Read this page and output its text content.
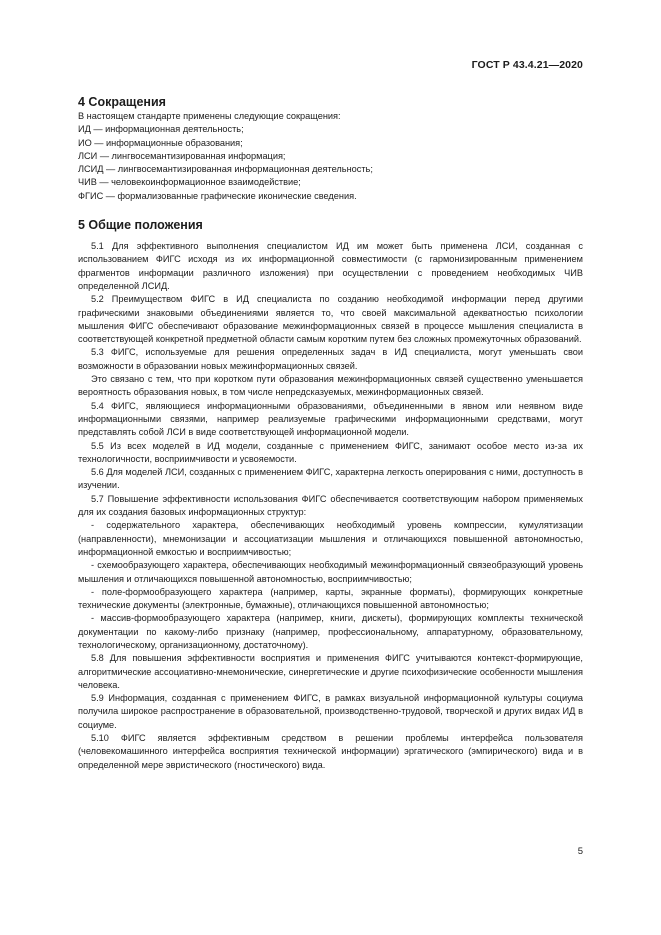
ГОСТ Р 43.4.21—2020
4 Сокращения

В настоящем стандарте применены следующие сокращения:

ИД — информационная деятельность;

ИО — информационные образования;

ЛСИ — лингвосемантизированная информация;

ЛСИД — лингвосемантизированная информационная деятельность;

ЧИВ — человекоинформационное взаимодействие;

ФГИС — формализованные графические иконические сведения.

5 Общие положения

5.1 Для эффективного выполнения специалистом ИД им может быть применена ЛСИ, созданная с использованием ФИГС исходя из их информационной совместимости (с гармонизированным применением фрагментов информации различного изложения) при осуществлении с проведением необходимых ЧИВ определенной ЛСИД.

5.2 Преимуществом ФИГС в ИД специалиста по созданию необходимой информации перед другими графическими знаковыми объединениями является то, что своей максимальной адекватностью психологии мышления ФИГС обеспечивают образование межинформационных связей в процессе мышления специалиста в соответствующей конкретной предметной области самым коротким путем без сложных промежуточных образований.

5.3 ФИГС, используемые для решения определенных задач в ИД специалиста, могут уменьшать свои возможности в образовании новых межинформационных связей.

Это связано с тем, что при коротком пути образования межинформационных связей существенно уменьшается вероятность образования новых, в том числе непредсказуемых, межинформационных связей.

5.4 ФИГС, являющиеся информационными образованиями, объединенными в явном или неявном виде информационными связями, например реализуемые графическими информационными средствами, могут представлять собой ЛСИ в виде соответствующей информационной модели.

5.5 Из всех моделей в ИД модели, созданные с применением ФИГС, занимают особое место из-за их технологичности, восприимчивости и усвояемости.

5.6 Для моделей ЛСИ, созданных с применением ФИГС, характерна легкость оперирования с ними, доступность в изучении.

5.7 Повышение эффективности использования ФИГС обеспечивается соответствующим набором применяемых для их создания базовых информационных структур:

- содержательного характера, обеспечивающих необходимый уровень компрессии, кумулятизации (направленности), мнемонизации и ассоциатизации мышления и отличающихся повышенной автономностью, информационной емкостью и восприимчивостью;

- схемообразующего характера, обеспечивающих необходимый межинформационный связеобразующий уровень мышления и отличающихся повышенной автономностью, восприимчивостью;

- поле-формообразующего характера (например, карты, экранные форматы), формирующих конкретные технические документы (электронные, бумажные), отличающихся повышенной автономностью;

- массив-формообразующего характера (например, книги, дискеты), формирующих комплекты технической документации по какому-либо признаку (например, профессиональному, аппаратурному, образовательному, технологическому, организационному, достаточному).

5.8 Для повышения эффективности восприятия и применения ФИГС учитываются контекст-формирующие, алгоритмические ассоциативно-мнемонические, синергетические и другие психофизические особенности мышления человека.

5.9 Информация, созданная с применением ФИГС, в рамках визуальной информационной культуры социума получила широкое распространение в образовательной, производственно-трудовой, творческой и других видах ИД в социуме.

5.10 ФИГС является эффективным средством в решении проблемы интерфейса пользователя (человекомашинного интерфейса восприятия технической информации) эргатического (эмпирического) вида и в определенной мере эвристического (гностического) вида.

5
